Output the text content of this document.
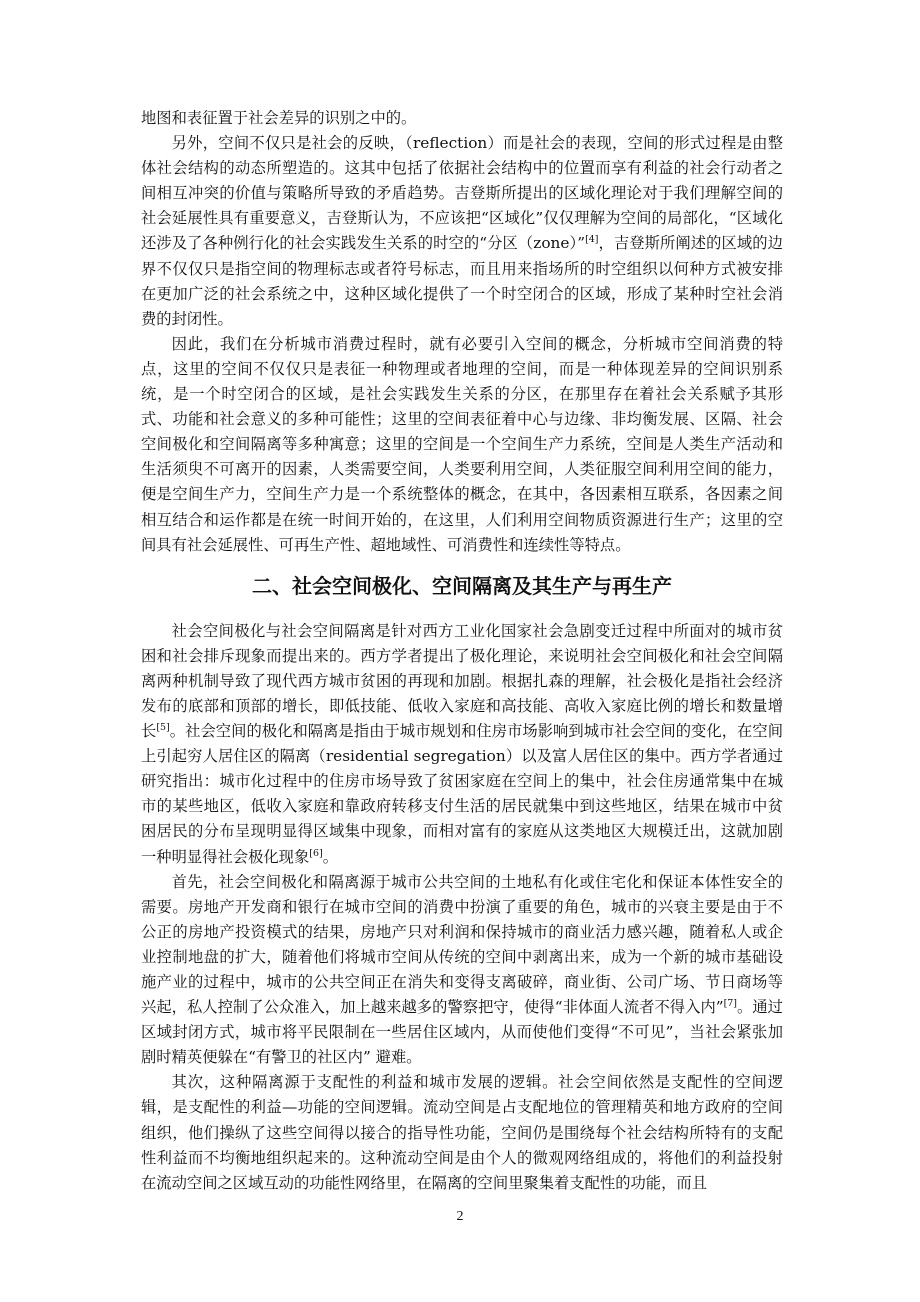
地图和表征置于社会差异的识别之中的。

另外，空间不仅只是社会的反映，（reflection）而是社会的表现，空间的形式过程是由整体社会结构的动态所塑造的。这其中包括了依据社会结构中的位置而享有利益的社会行动者之间相互冲突的价值与策略所导致的矛盾趋势。吉登斯所提出的区域化理论对于我们理解空间的社会延展性具有重要意义，吉登斯认为，不应该把“区域化”仅仅理解为空间的局部化，“区域化还涉及了各种例行化的社会实践发生关系的时空的“分区（zone）”[4]，吉登斯所阐述的区域的边界不仅仅只是指空间的物理标志或者符号标志，而且用来指场所的时空组织以何种方式被安排在更加广泛的社会系统之中，这种区域化提供了一个时空闭合的区域，形成了某种时空社会消费的封闭性。

因此，我们在分析城市消费过程时，就有必要引入空间的概念，分析城市空间消费的特点，这里的空间不仅仅只是表征一种物理或者地理的空间，而是一种体现差异的空间识别系统，是一个时空闭合的区域，是社会实践发生关系的分区，在那里存在着社会关系赋予其形式、功能和社会意义的多种可能性；这里的空间表征着中心与边缘、非均衡发展、区隔、社会空间极化和空间隔离等多种寓意；这里的空间是一个空间生产力系统，空间是人类生产活动和生活须臾不可离开的因素，人类需要空间，人类要利用空间，人类征服空间利用空间的能力，便是空间生产力，空间生产力是一个系统整体的概念，在其中，各因素相互联系，各因素之间相互结合和运作都是在统一时间开始的，在这里，人们利用空间物质资源进行生产；这里的空间具有社会延展性、可再生产性、超地域性、可消费性和连续性等特点。

二、社会空间极化、空间隔离及其生产与再生产

社会空间极化与社会空间隔离是针对西方工业化国家社会急剧变迁过程中所面对的城市贫困和社会排斥现象而提出来的。西方学者提出了极化理论，来说明社会空间极化和社会空间隔离两种机制导致了现代西方城市贫困的再现和加剧。根据扎森的理解，社会极化是指社会经济发布的底部和顶部的增长，即低技能、低收入家庭和高技能、高收入家庭比例的增长和数量增长[5]。社会空间的极化和隔离是指由于城市规划和住房市场影响到城市社会空间的变化，在空间上引起穷人居住区的隔离（residential segregation）以及富人居住区的集中。西方学者通过研究指出：城市化过程中的住房市场导致了贫困家庭在空间上的集中，社会住房通常集中在城市的某些地区，低收入家庭和靠政府转移支付生活的居民就集中到这些地区，结果在城市中贫困居民的分布呈现明显得区域集中现象，而相对富有的家庭从这类地区大规模迁出，这就加剧一种明显得社会极化现象[6]。

首先，社会空间极化和隔离源于城市公共空间的土地私有化或住宅化和保证本体性安全的需要。房地产开发商和银行在城市空间的消费中扮演了重要的角色，城市的兴衰主要是由于不公正的房地产投资模式的结果，房地产只对利润和保持城市的商业活力感兴趣，随着私人或企业控制地盘的扩大，随着他们将城市空间从传统的空间中剥离出来，成为一个新的城市基础设施产业的过程中，城市的公共空间正在消失和变得支离破碎，商业街、公司广场、节日商场等兴起，私人控制了公众准入，加上越来越多的警察把守，使得“非体面人流者不得入内”[7]。通过区域封闭方式，城市将平民限制在一些居住区域内，从而使他们变得“不可见”，当社会紧张加剧时精英便躲在“有警卫的社区内” 避难。

其次，这种隔离源于支配性的利益和城市发展的逻辑。社会空间依然是支配性的空间逻辑，是支配性的利益—功能的空间逻辑。流动空间是占支配地位的管理精英和地方政府的空间组织，他们操纵了这些空间得以接合的指导性功能，空间仍是围绕每个社会结构所特有的支配性利益而不均衡地组织起来的。这种流动空间是由个人的微观网络组成的，将他们的利益投射在流动空间之区域互动的功能性网络里，在隔离的空间里聚集着支配性的功能，而且

2
